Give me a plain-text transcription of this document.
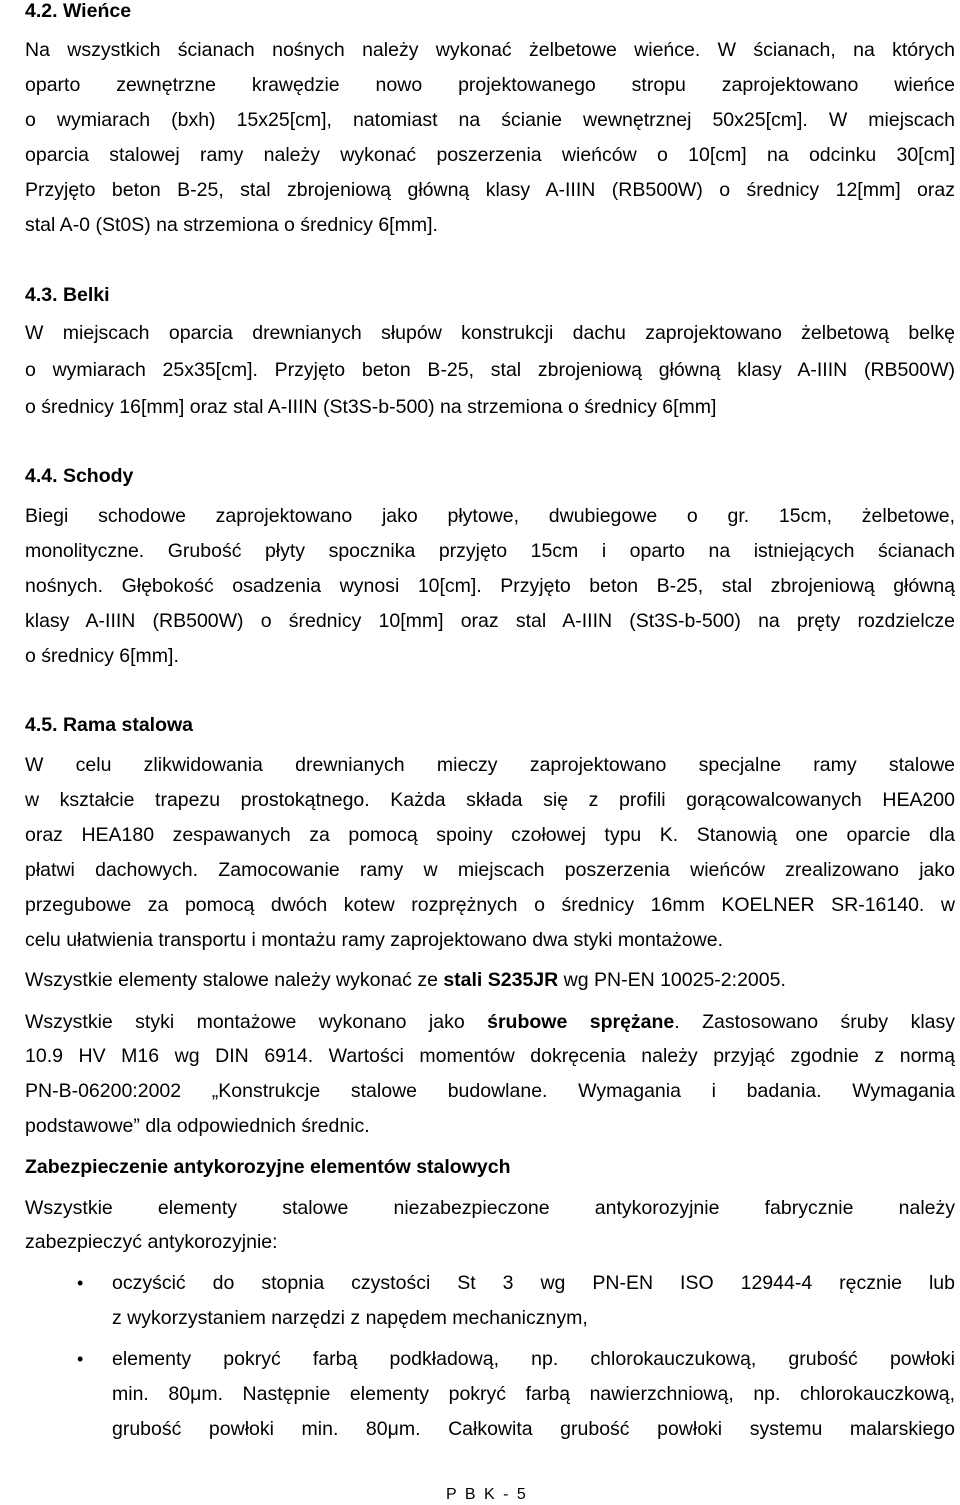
4.2. Wieńce
Na wszystkich ścianach nośnych należy wykonać żelbetowe wieńce. W ścianach, na których
oparto zewnętrzne krawędzie nowo projektowanego stropu zaprojektowano wieńce
o wymiarach (bxh) 15x25[cm], natomiast na ścianie wewnętrznej 50x25[cm]. W miejscach
oparcia stalowej ramy należy wykonać poszerzenia wieńców o 10[cm] na odcinku 30[cm]
Przyjęto beton B-25, stal zbrojeniową główną klasy A-IIIN (RB500W) o średnicy 12[mm] oraz
stal A-0 (St0S) na strzemiona o średnicy 6[mm].
4.3. Belki
W miejscach oparcia drewnianych słupów konstrukcji dachu zaprojektowano żelbetową belkę
o wymiarach 25x35[cm]. Przyjęto beton B-25, stal zbrojeniową główną klasy A-IIIN (RB500W)
o średnicy 16[mm] oraz stal A-IIIN (St3S-b-500) na strzemiona o średnicy 6[mm]
4.4. Schody
Biegi schodowe zaprojektowano jako płytowe, dwubiegowe o gr. 15cm, żelbetowe,
monolityczne. Grubość płyty spocznika przyjęto 15cm i oparto na istniejących ścianach
nośnych. Głębokość osadzenia wynosi 10[cm]. Przyjęto beton B-25, stal zbrojeniową główną
klasy A-IIIN (RB500W) o średnicy 10[mm] oraz stal A-IIIN (St3S-b-500) na pręty rozdzielcze
o średnicy 6[mm].
4.5. Rama stalowa
W celu zlikwidowania drewnianych mieczy zaprojektowano specjalne ramy stalowe
w kształcie trapezu prostokątnego. Każda składa się z profili gorącowalcowanych HEA200
oraz HEA180 zespawanych za pomocą spoiny czołowej typu K. Stanowią one oparcie dla
płatwi dachowych. Zamocowanie ramy w miejscach poszerzenia wieńców zrealizowano jako
przegubowe za pomocą dwóch kotew rozprężnych o średnicy 16mm KOELNER SR-16140. w
celu ułatwienia transportu i montażu ramy zaprojektowano dwa styki montażowe.
Wszystkie elementy stalowe należy wykonać ze stali S235JR wg PN-EN 10025-2:2005.
Wszystkie styki montażowe wykonano jako śrubowe sprężane. Zastosowano śruby klasy
10.9 HV M16 wg DIN 6914. Wartości momentów dokręcenia należy przyjąć zgodnie z normą
PN-B-06200:2002 „Konstrukcje stalowe budowlane. Wymagania i badania. Wymagania
podstawowe” dla odpowiednich średnic.
Zabezpieczenie antykorozyjne elementów stalowych
Wszystkie elementy stalowe niezabezpieczone antykorozyjnie fabrycznie należy
zabezpieczyć antykorozyjnie:
• oczyścić do stopnia czystości St 3 wg PN-EN ISO 12944-4 ręcznie lub
z wykorzystaniem narzędzi z napędem mechanicznym,
• elementy pokryć farbą podkładową, np. chlorokauczukową, grubość powłoki
min. 80μm. Następnie elementy pokryć farbą nawierzchniową, np. chlorokauczkową,
grubość powłoki min. 80μm. Całkowita grubość powłoki systemu malarskiego
P B K - 5
